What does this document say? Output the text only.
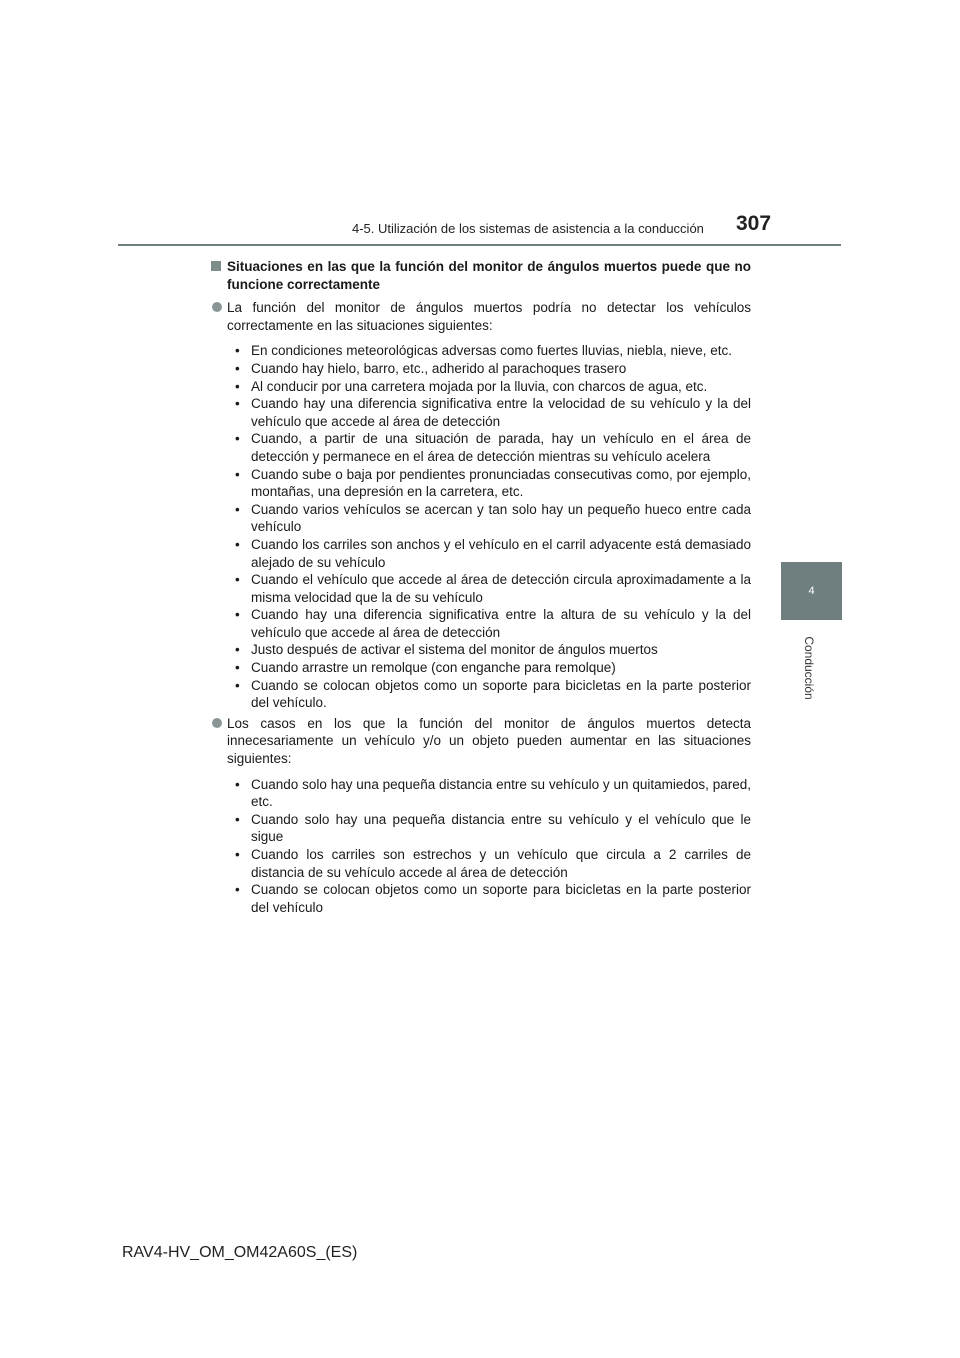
4-5. Utilización de los sistemas de asistencia a la conducción 307
4
Conducción
Situaciones en las que la función del monitor de ángulos muertos puede que no funcione correctamente
La función del monitor de ángulos muertos podría no detectar los vehículos correctamente en las situaciones siguientes:
• En condiciones meteorológicas adversas como fuertes lluvias, niebla, nieve, etc.
• Cuando hay hielo, barro, etc., adherido al parachoques trasero
• Al conducir por una carretera mojada por la lluvia, con charcos de agua, etc.
• Cuando hay una diferencia significativa entre la velocidad de su vehículo y la del vehículo que accede al área de detección
• Cuando, a partir de una situación de parada, hay un vehículo en el área de detección y permanece en el área de detección mientras su vehículo acelera
• Cuando sube o baja por pendientes pronunciadas consecutivas como, por ejemplo, montañas, una depresión en la carretera, etc.
• Cuando varios vehículos se acercan y tan solo hay un pequeño hueco entre cada vehículo
• Cuando los carriles son anchos y el vehículo en el carril adyacente está demasiado alejado de su vehículo
• Cuando el vehículo que accede al área de detección circula aproximadamente a la misma velocidad que la de su vehículo
• Cuando hay una diferencia significativa entre la altura de su vehículo y la del vehículo que accede al área de detección
• Justo después de activar el sistema del monitor de ángulos muertos
• Cuando arrastre un remolque (con enganche para remolque)
• Cuando se colocan objetos como un soporte para bicicletas en la parte posterior del vehículo.
Los casos en los que la función del monitor de ángulos muertos detecta innecesariamente un vehículo y/o un objeto pueden aumentar en las situaciones siguientes:
• Cuando solo hay una pequeña distancia entre su vehículo y un quitamiedos, pared, etc.
• Cuando solo hay una pequeña distancia entre su vehículo y el vehículo que le sigue
• Cuando los carriles son estrechos y un vehículo que circula a 2 carriles de distancia de su vehículo accede al área de detección
• Cuando se colocan objetos como un soporte para bicicletas en la parte posterior del vehículo
RAV4-HV_OM_OM42A60S_(ES)
